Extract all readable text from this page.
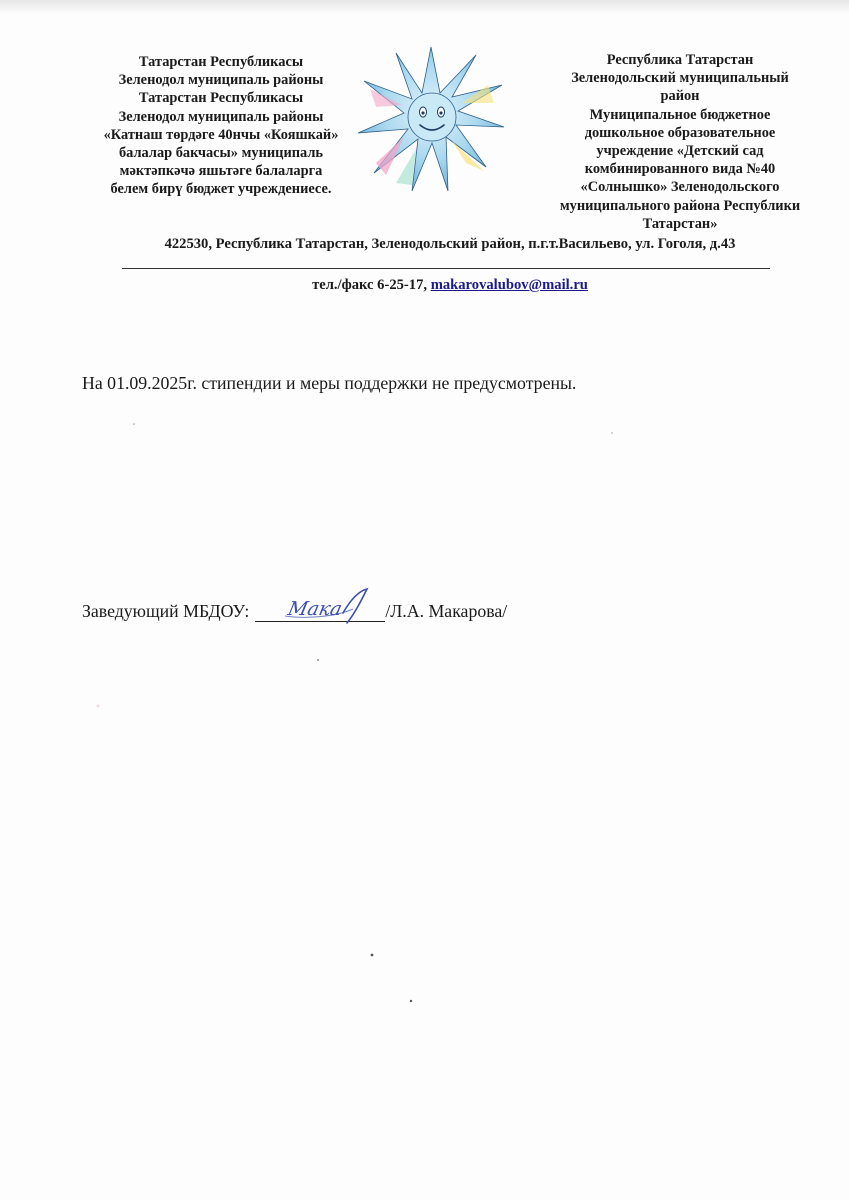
Татарстан Республикасы
Зеленодол муниципаль районы
Татарстан Республикасы
Зеленодол муниципаль районы
«Катнаш төрдәге 40нчы «Кояшкай»
балалар бакчасы» муниципаль
мәктәпкәчә яшьтәге балаларга
белем бирү бюджет учреждениесе.
Республика Татарстан
Зеленодольский муниципальный
район
Муниципальное бюджетное
дошкольное образовательное
учреждение «Детский сад
комбинированного вида №40
«Солнышко» Зеленодольского
муниципального района Республики
Татарстан»
422530, Республика Татарстан, Зеленодольский район, п.г.т.Васильево, ул. Гоголя, д.43
тел./факс 6-25-17, makarovalubov@mail.ru
На 01.09.2025г. стипендии и меры поддержки не предусмотрены.
Заведующий МБДОУ: Мака /Л.А. Макарова/
